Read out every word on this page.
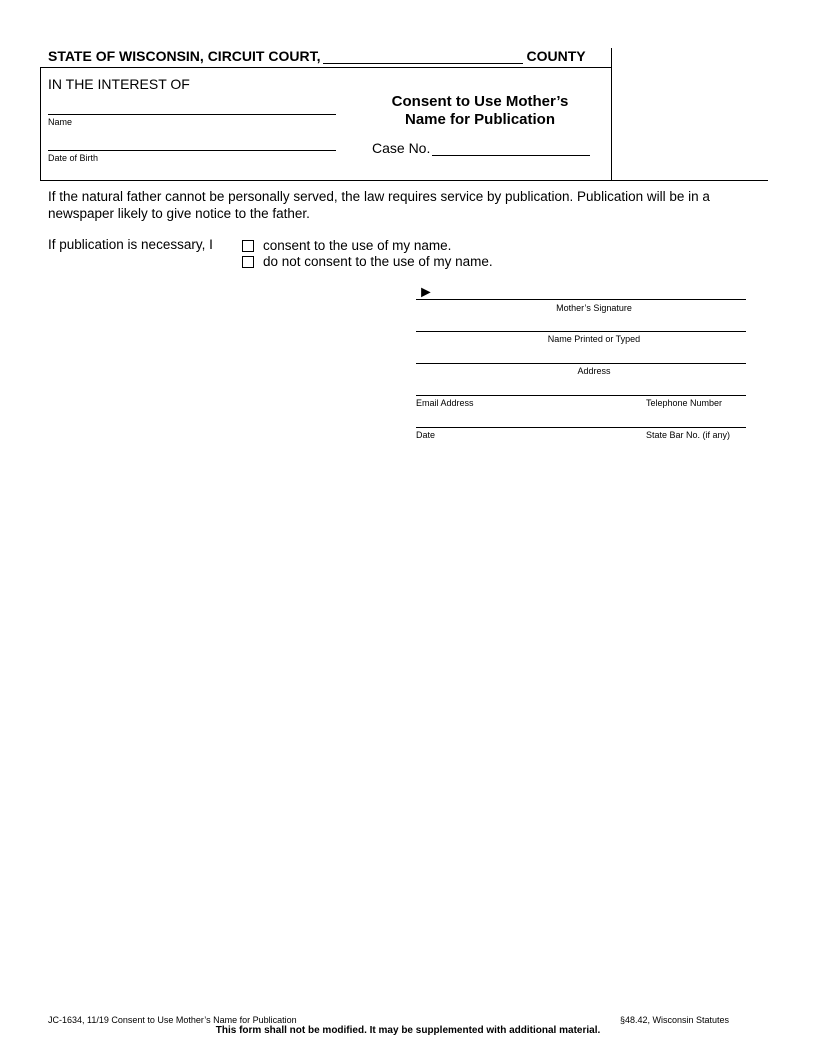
STATE OF WISCONSIN, CIRCUIT COURT,	COUNTY
IN THE INTEREST OF
Name
Date of Birth
Consent to Use Mother’s
Name for Publication
Case No.
If the natural father cannot be personally served, the law requires service by publication. Publication will be in a newspaper likely to give notice to the father.
If publication is necessary, I	consent to the use of my name.
do not consent to the use of my name.
►
Mother’s Signature
Name Printed or Typed
Address
Email Address	Telephone Number
Date	State Bar No. (if any)
JC-1634, 11/19 Consent to Use Mother’s Name for Publication	§48.42, Wisconsin Statutes
This form shall not be modified. It may be supplemented with additional material.
